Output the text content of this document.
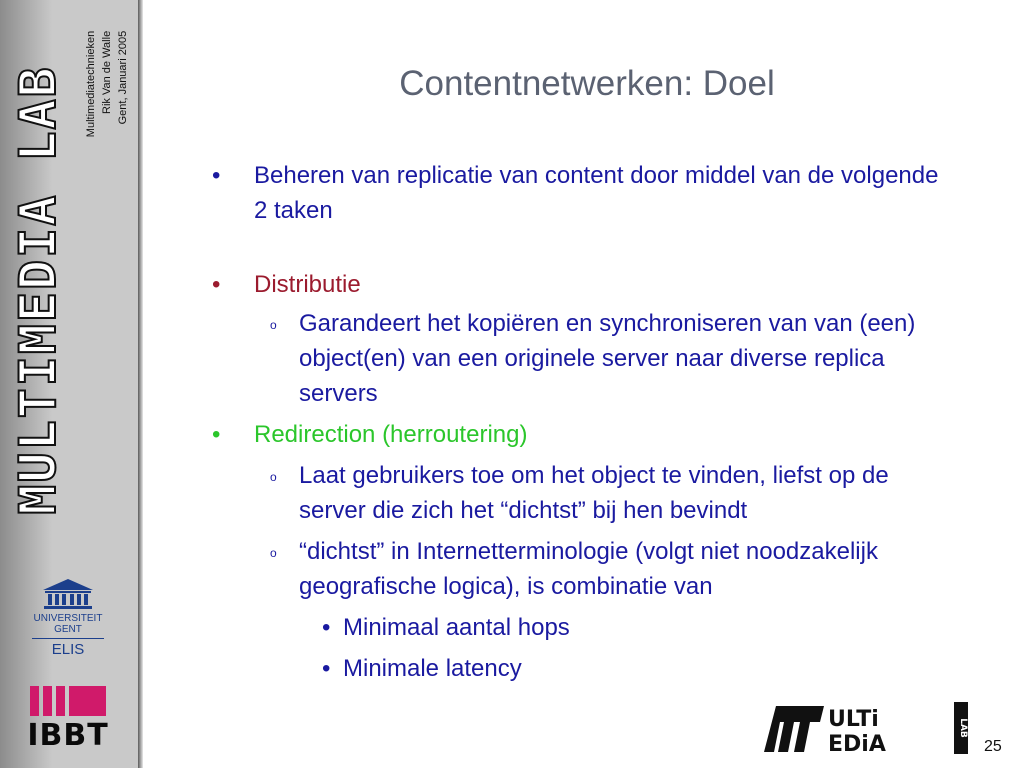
Multimediatechnieken Rik Van de Walle Gent, Januari 2005
MULTIMEDIA LAB
UNIVERSITEIT
GENT
ELIS
IBBT
Contentnetwerken: Doel
• Beheren van replicatie van content door middel van de volgende 2 taken
• Distributie
o Garandeert het kopiëren en synchroniseren van van (een) object(en) van een originele server naar diverse replica servers
• Redirection (herroutering)
o Laat gebruikers toe om het object te vinden, liefst op de server die zich het “dichtst” bij hen bevindt
o “dichtst” in Internetterminologie (volgt niet noodzakelijk geografische logica), is combinatie van
• Minimaal aantal hops
• Minimale latency
ULTi
EDiA
LAB
25
